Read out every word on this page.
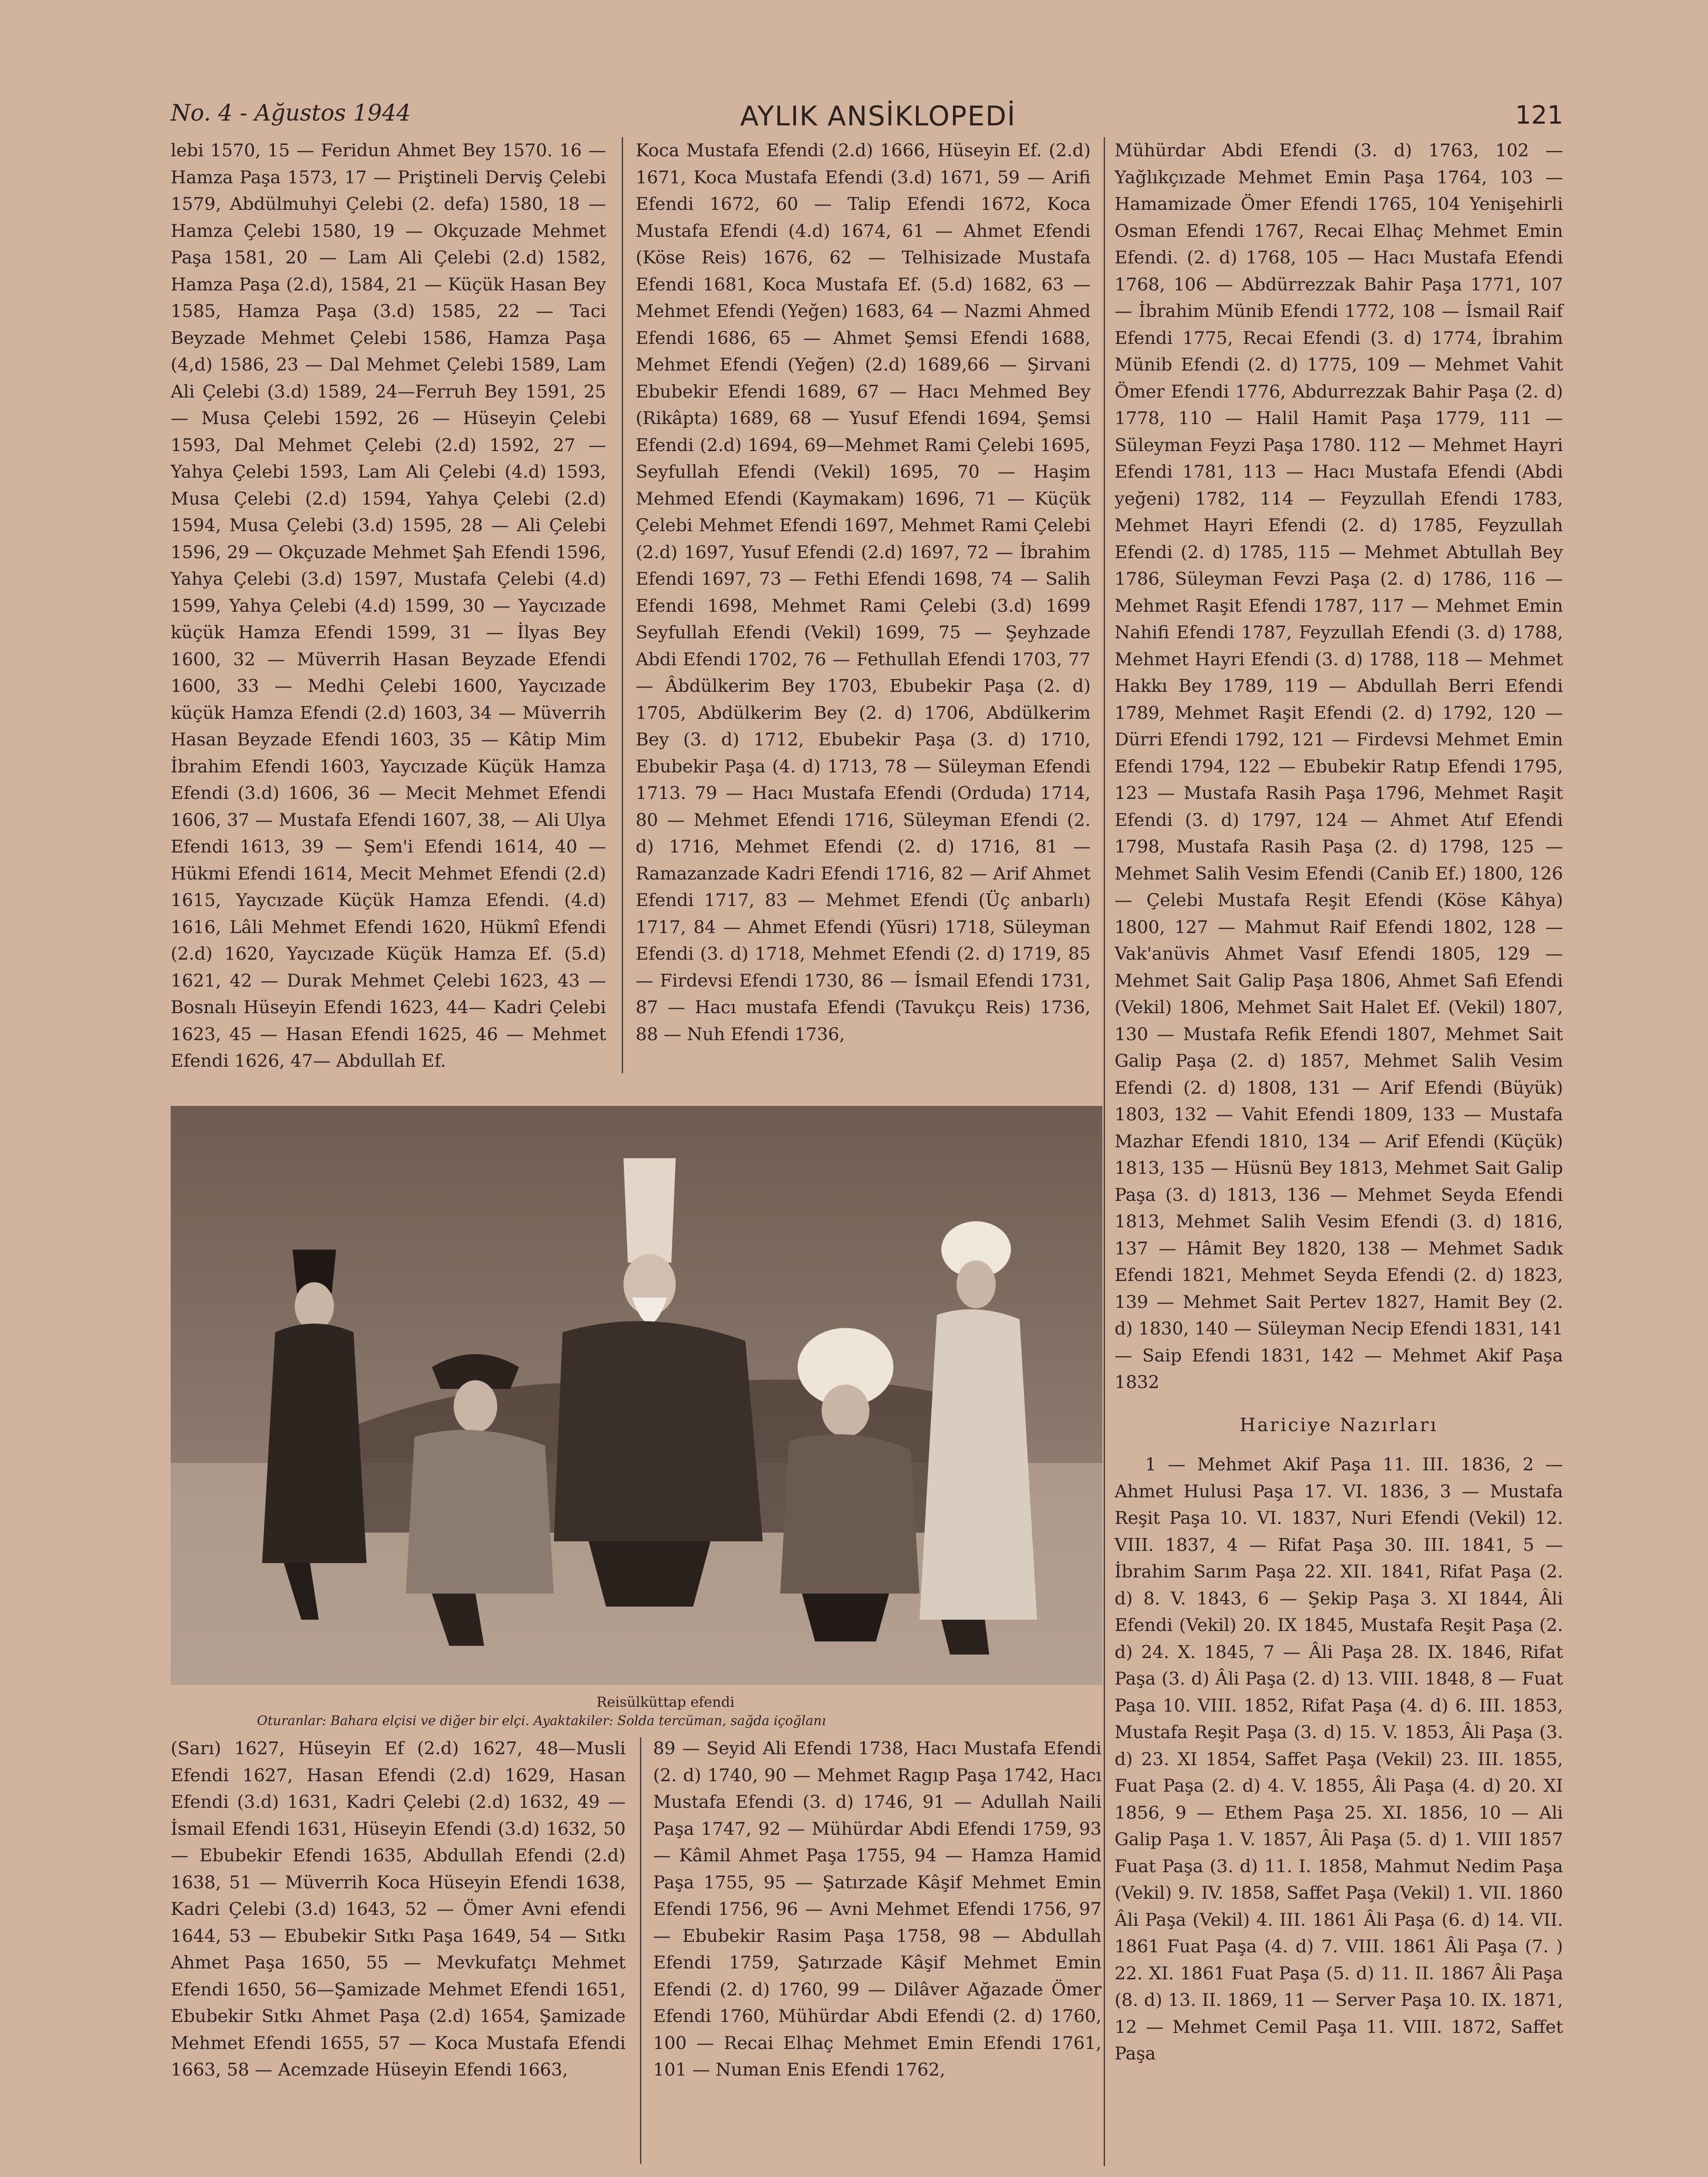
No. 4 - Ağustos 1944	AYLIK ANSİKLOPEDİ	121

lebi 1570, 15 — Feridun Ahmet Bey 1570. 16 — Hamza Paşa 1573, 17 — Priştineli Derviş Çelebi 1579, Abdülmuhyi Çelebi (2. defa) 1580, 18 — Hamza Çelebi 1580, 19 — Okçuzade Mehmet Paşa 1581, 20 — Lam Ali Çelebi (2.d) 1582, Hamza Paşa (2.d), 1584, 21 — Küçük Hasan Bey 1585, Hamza Paşa (3.d) 1585, 22 — Taci Beyzade Mehmet Çelebi 1586, Hamza Paşa (4,d) 1586, 23 — Dal Mehmet Çelebi 1589, Lam Ali Çelebi (3.d) 1589, 24—Ferruh Bey 1591, 25 — Musa Çelebi 1592, 26 — Hüseyin Çelebi 1593, Dal Mehmet Çelebi (2.d) 1592, 27 — Yahya Çelebi 1593, Lam Ali Çelebi (4.d) 1593, Musa Çelebi (2.d) 1594, Yahya Çelebi (2.d) 1594, Musa Çelebi (3.d) 1595, 28 — Ali Çelebi 1596, 29 — Okçuzade Mehmet Şah Efendi 1596, Yahya Çelebi (3.d) 1597, Mustafa Çelebi (4.d) 1599, Yahya Çelebi (4.d) 1599, 30 — Yaycızade küçük Hamza Efendi 1599, 31 — İlyas Bey 1600, 32 — Müverrih Hasan Beyzade Efendi 1600, 33 — Medhi Çelebi 1600, Yaycızade küçük Hamza Efendi (2.d) 1603, 34 — Müverrih Hasan Beyzade Efendi 1603, 35 — Kâtip Mim İbrahim Efendi 1603, Yaycızade Küçük Hamza Efendi (3.d) 1606, 36 — Mecit Mehmet Efendi 1606, 37 — Mustafa Efendi 1607, 38, — Ali Ulya Efendi 1613, 39 — Şem'i Efendi 1614, 40 — Hükmi Efendi 1614, Mecit Mehmet Efendi (2.d) 1615, Yaycızade Küçük Hamza Efendi. (4.d) 1616, Lâli Mehmet Efendi 1620, Hükmî Efendi (2.d) 1620, Yaycızade Küçük Hamza Ef. (5.d) 1621, 42 — Durak Mehmet Çelebi 1623, 43 — Bosnalı Hüseyin Efendi 1623, 44— Kadri Çelebi 1623, 45 — Hasan Efendi 1625, 46 — Mehmet Efendi 1626, 47— Abdullah Ef.

Koca Mustafa Efendi (2.d) 1666, Hüseyin Ef. (2.d) 1671, Koca Mustafa Efendi (3.d) 1671, 59 — Arifi Efendi 1672, 60 — Talip Efendi 1672, Koca Mustafa Efendi (4.d) 1674, 61 — Ahmet Efendi (Köse Reis) 1676, 62 — Telhisizade Mustafa Efendi 1681, Koca Mustafa Ef. (5.d) 1682, 63 — Mehmet Efendi (Yeğen) 1683, 64 — Nazmi Ahmed Efendi 1686, 65 — Ahmet Şemsi Efendi 1688, Mehmet Efendi (Yeğen) (2.d) 1689,66 — Şirvani Ebubekir Efendi 1689, 67 — Hacı Mehmed Bey (Rikâpta) 1689, 68 — Yusuf Efendi 1694, Şemsi Efendi (2.d) 1694, 69—Mehmet Rami Çelebi 1695, Seyfullah Efendi (Vekil) 1695, 70 — Haşim Mehmed Efendi (Kaymakam) 1696, 71 — Küçük Çelebi Mehmet Efendi 1697, Mehmet Rami Çelebi (2.d) 1697, Yusuf Efendi (2.d) 1697, 72 — İbrahim Efendi 1697, 73 — Fethi Efendi 1698, 74 — Salih Efendi 1698, Mehmet Rami Çelebi (3.d) 1699 Seyfullah Efendi (Vekil) 1699, 75 — Şeyhzade Abdi Efendi 1702, 76 — Fethullah Efendi 1703, 77 — Âbdülkerim Bey 1703, Ebubekir Paşa (2. d) 1705, Abdülkerim Bey (2. d) 1706, Abdülkerim Bey (3. d) 1712, Ebubekir Paşa (3. d) 1710, Ebubekir Paşa (4. d) 1713, 78 — Süleyman Efendi 1713. 79 — Hacı Mustafa Efendi (Orduda) 1714, 80 — Mehmet Efendi 1716, Süleyman Efendi (2. d) 1716, Mehmet Efendi (2. d) 1716, 81 — Ramazanzade Kadri Efendi 1716, 82 — Arif Ahmet Efendi 1717, 83 — Mehmet Efendi (Üç anbarlı) 1717, 84 — Ahmet Efendi (Yüsri) 1718, Süleyman Efendi (3. d) 1718, Mehmet Efendi (2. d) 1719, 85 — Firdevsi Efendi 1730, 86 — İsmail Efendi 1731, 87 — Hacı mustafa Efendi (Tavukçu Reis) 1736, 88 — Nuh Efendi 1736,

Mühürdar Abdi Efendi (3. d) 1763, 102 — Yağlıkçızade Mehmet Emin Paşa 1764, 103 — Hamamizade Ömer Efendi 1765, 104 Yenişehirli Osman Efendi 1767, Recai Elhaç Mehmet Emin Efendi. (2. d) 1768, 105 — Hacı Mustafa Efendi 1768, 106 — Abdürrezzak Bahir Paşa 1771, 107 — İbrahim Münib Efendi 1772, 108 — İsmail Raif Efendi 1775, Recai Efendi (3. d) 1774, İbrahim Münib Efendi (2. d) 1775, 109 — Mehmet Vahit Ömer Efendi 1776, Abdurrezzak Bahir Paşa (2. d) 1778, 110 — Halil Hamit Paşa 1779, 111 — Süleyman Feyzi Paşa 1780. 112 — Mehmet Hayri Efendi 1781, 113 — Hacı Mustafa Efendi (Abdi yeğeni) 1782, 114 — Feyzullah Efendi 1783, Mehmet Hayri Efendi (2. d) 1785, Feyzullah Efendi (2. d) 1785, 115 — Mehmet Abtullah Bey 1786, Süleyman Fevzi Paşa (2. d) 1786, 116 — Mehmet Raşit Efendi 1787, 117 — Mehmet Emin Nahifi Efendi 1787, Feyzullah Efendi (3. d) 1788, Mehmet Hayri Efendi (3. d) 1788, 118 — Mehmet Hakkı Bey 1789, 119 — Abdullah Berri Efendi 1789, Mehmet Raşit Efendi (2. d) 1792, 120 — Dürri Efendi 1792, 121 — Firdevsi Mehmet Emin Efendi 1794, 122 — Ebubekir Ratıp Efendi 1795, 123 — Mustafa Rasih Paşa 1796, Mehmet Raşit Efendi (3. d) 1797, 124 — Ahmet Atıf Efendi 1798, Mustafa Rasih Paşa (2. d) 1798, 125 — Mehmet Salih Vesim Efendi (Canib Ef.) 1800, 126 — Çelebi Mustafa Reşit Efendi (Köse Kâhya) 1800, 127 — Mahmut Raif Efendi 1802, 128 — Vak'anüvis Ahmet Vasıf Efendi 1805, 129 — Mehmet Sait Galip Paşa 1806, Ahmet Safi Efendi (Vekil) 1806, Mehmet Sait Halet Ef. (Vekil) 1807, 130 — Mustafa Refik Efendi 1807, Mehmet Sait Galip Paşa (2. d) 1857, Mehmet Salih Vesim Efendi (2. d) 1808, 131 — Arif Efendi (Büyük) 1803, 132 — Vahit Efendi 1809, 133 — Mustafa Mazhar Efendi 1810, 134 — Arif Efendi (Küçük) 1813, 135 — Hüsnü Bey 1813, Mehmet Sait Galip Paşa (3. d) 1813, 136 — Mehmet Seyda Efendi 1813, Mehmet Salih Vesim Efendi (3. d) 1816, 137 — Hâmit Bey 1820, 138 — Mehmet Sadık Efendi 1821, Mehmet Seyda Efendi (2. d) 1823, 139 — Mehmet Sait Pertev 1827, Hamit Bey (2. d) 1830, 140 — Süleyman Necip Efendi 1831, 141 — Saip Efendi 1831, 142 — Mehmet Akif Paşa 1832

Hariciye Nazırları

1 — Mehmet Akif Paşa 11. III. 1836, 2 — Ahmet Hulusi Paşa 17. VI. 1836, 3 — Mustafa Reşit Paşa 10. VI. 1837, Nuri Efendi (Vekil) 12. VIII. 1837, 4 — Rifat Paşa 30. III. 1841, 5 — İbrahim Sarım Paşa 22. XII. 1841, Rifat Paşa (2. d) 8. V. 1843, 6 — Şekip Paşa 3. XI 1844, Âli Efendi (Vekil) 20. IX 1845, Mustafa Reşit Paşa (2. d) 24. X. 1845, 7 — Âli Paşa 28. IX. 1846, Rifat Paşa (3. d) Âli Paşa (2. d) 13. VIII. 1848, 8 — Fuat Paşa 10. VIII. 1852, Rifat Paşa (4. d) 6. III. 1853, Mustafa Reşit Paşa (3. d) 15. V. 1853, Âli Paşa (3. d) 23. XI 1854, Saffet Paşa (Vekil) 23. III. 1855, Fuat Paşa (2. d) 4. V. 1855, Âli Paşa (4. d) 20. XI 1856, 9 — Ethem Paşa 25. XI. 1856, 10 — Ali Galip Paşa 1. V. 1857, Âli Paşa (5. d) 1. VIII 1857 Fuat Paşa (3. d) 11. I. 1858, Mahmut Nedim Paşa (Vekil) 9. IV. 1858, Saffet Paşa (Vekil) 1. VII. 1860 Âli Paşa (Vekil) 4. III. 1861 Âli Paşa (6. d) 14. VII. 1861 Fuat Paşa (4. d) 7. VIII. 1861 Âli Paşa (7. ) 22. XI. 1861 Fuat Paşa (5. d) 11. II. 1867 Âli Paşa (8. d) 13. II. 1869, 11 — Server Paşa 10. IX. 1871, 12 — Mehmet Cemil Paşa 11. VIII. 1872, Saffet Paşa

Reisülküttap efendi
Oturanlar: Bahara elçisi ve diğer bir elçi. Ayaktakiler: Solda tercüman, sağda içoğlanı

(Sarı) 1627, Hüseyin Ef (2.d) 1627, 48—Musli Efendi 1627, Hasan Efendi (2.d) 1629, Hasan Efendi (3.d) 1631, Kadri Çelebi (2.d) 1632, 49 — İsmail Efendi 1631, Hüseyin Efendi (3.d) 1632, 50 — Ebubekir Efendi 1635, Abdullah Efendi (2.d) 1638, 51 — Müverrih Koca Hüseyin Efendi 1638, Kadri Çelebi (3.d) 1643, 52 — Ömer Avni efendi 1644, 53 — Ebubekir Sıtkı Paşa 1649, 54 — Sıtkı Ahmet Paşa 1650, 55 — Mevkufatçı Mehmet Efendi 1650, 56—Şamizade Mehmet Efendi 1651, Ebubekir Sıtkı Ahmet Paşa (2.d) 1654, Şamizade Mehmet Efendi 1655, 57 — Koca Mustafa Efendi 1663, 58 — Acemzade Hüseyin Efendi 1663,

89 — Seyid Ali Efendi 1738, Hacı Mustafa Efendi (2. d) 1740, 90 — Mehmet Ragıp Paşa 1742, Hacı Mustafa Efendi (3. d) 1746, 91 — Adullah Naili Paşa 1747, 92 — Mühürdar Abdi Efendi 1759, 93 — Kâmil Ahmet Paşa 1755, 94 — Hamza Hamid Paşa 1755, 95 — Şatırzade Kâşif Mehmet Emin Efendi 1756, 96 — Avni Mehmet Efendi 1756, 97 — Ebubekir Rasim Paşa 1758, 98 — Abdullah Efendi 1759, Şatırzade Kâşif Mehmet Emin Efendi (2. d) 1760, 99 — Dilâver Ağazade Ömer Efendi 1760, Mühürdar Abdi Efendi (2. d) 1760, 100 — Recai Elhaç Mehmet Emin Efendi 1761, 101 — Numan Enis Efendi 1762,
